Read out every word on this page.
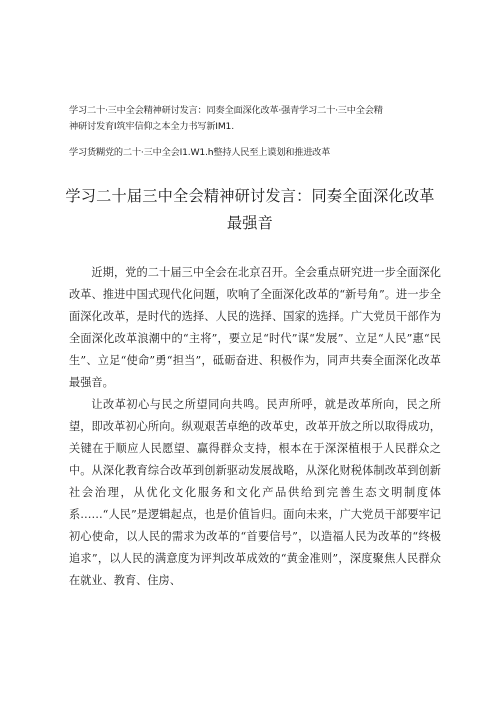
学习二十·三中全会精神研讨发言：同奏全面深化改革·强青学习二十·三中全会精
神研讨发育I筑牢信仰之本全力书写新IM1.
学习货糊党的二十·三中全会I1.W1.h整持人民至上谟划和推进改革
学习二十届三中全会精神研讨发言：同奏全面深化改革
最强音

近期，党的二十届三中全会在北京召开。全会重点研究进一步全面深化改革、推进中国式现代化问题，吹响了全面深化改革的“新号角”。进一步全面深化改革，是时代的选择、人民的选择、国家的选择。广大党员干部作为全面深化改革浪潮中的“主将”，要立足“时代”谋“发展”、立足“人民”惠“民生”、立足“使命”勇“担当”，砥砺奋进、积极作为，同声共奏全面深化改革最强音。

让改革初心与民之所望同向共鸣。民声所呼，就是改革所向，民之所望，即改革初心所向。纵观艰苦卓绝的改革史，改革开放之所以取得成功，关键在于顺应人民愿望、赢得群众支持，根本在于深深植根于人民群众之中。从深化教育综合改革到创新驱动发展战略，从深化财税体制改革到创新社会治理，从优化文化服务和文化产品供给到完善生态文明制度体系……“人民”是逻辑起点，也是价值旨归。面向未来，广大党员干部要牢记初心使命，以人民的需求为改革的“首要信号”，以造福人民为改革的“终极追求”，以人民的满意度为评判改革成效的“黄金准则”，深度聚焦人民群众在就业、教育、住房、
